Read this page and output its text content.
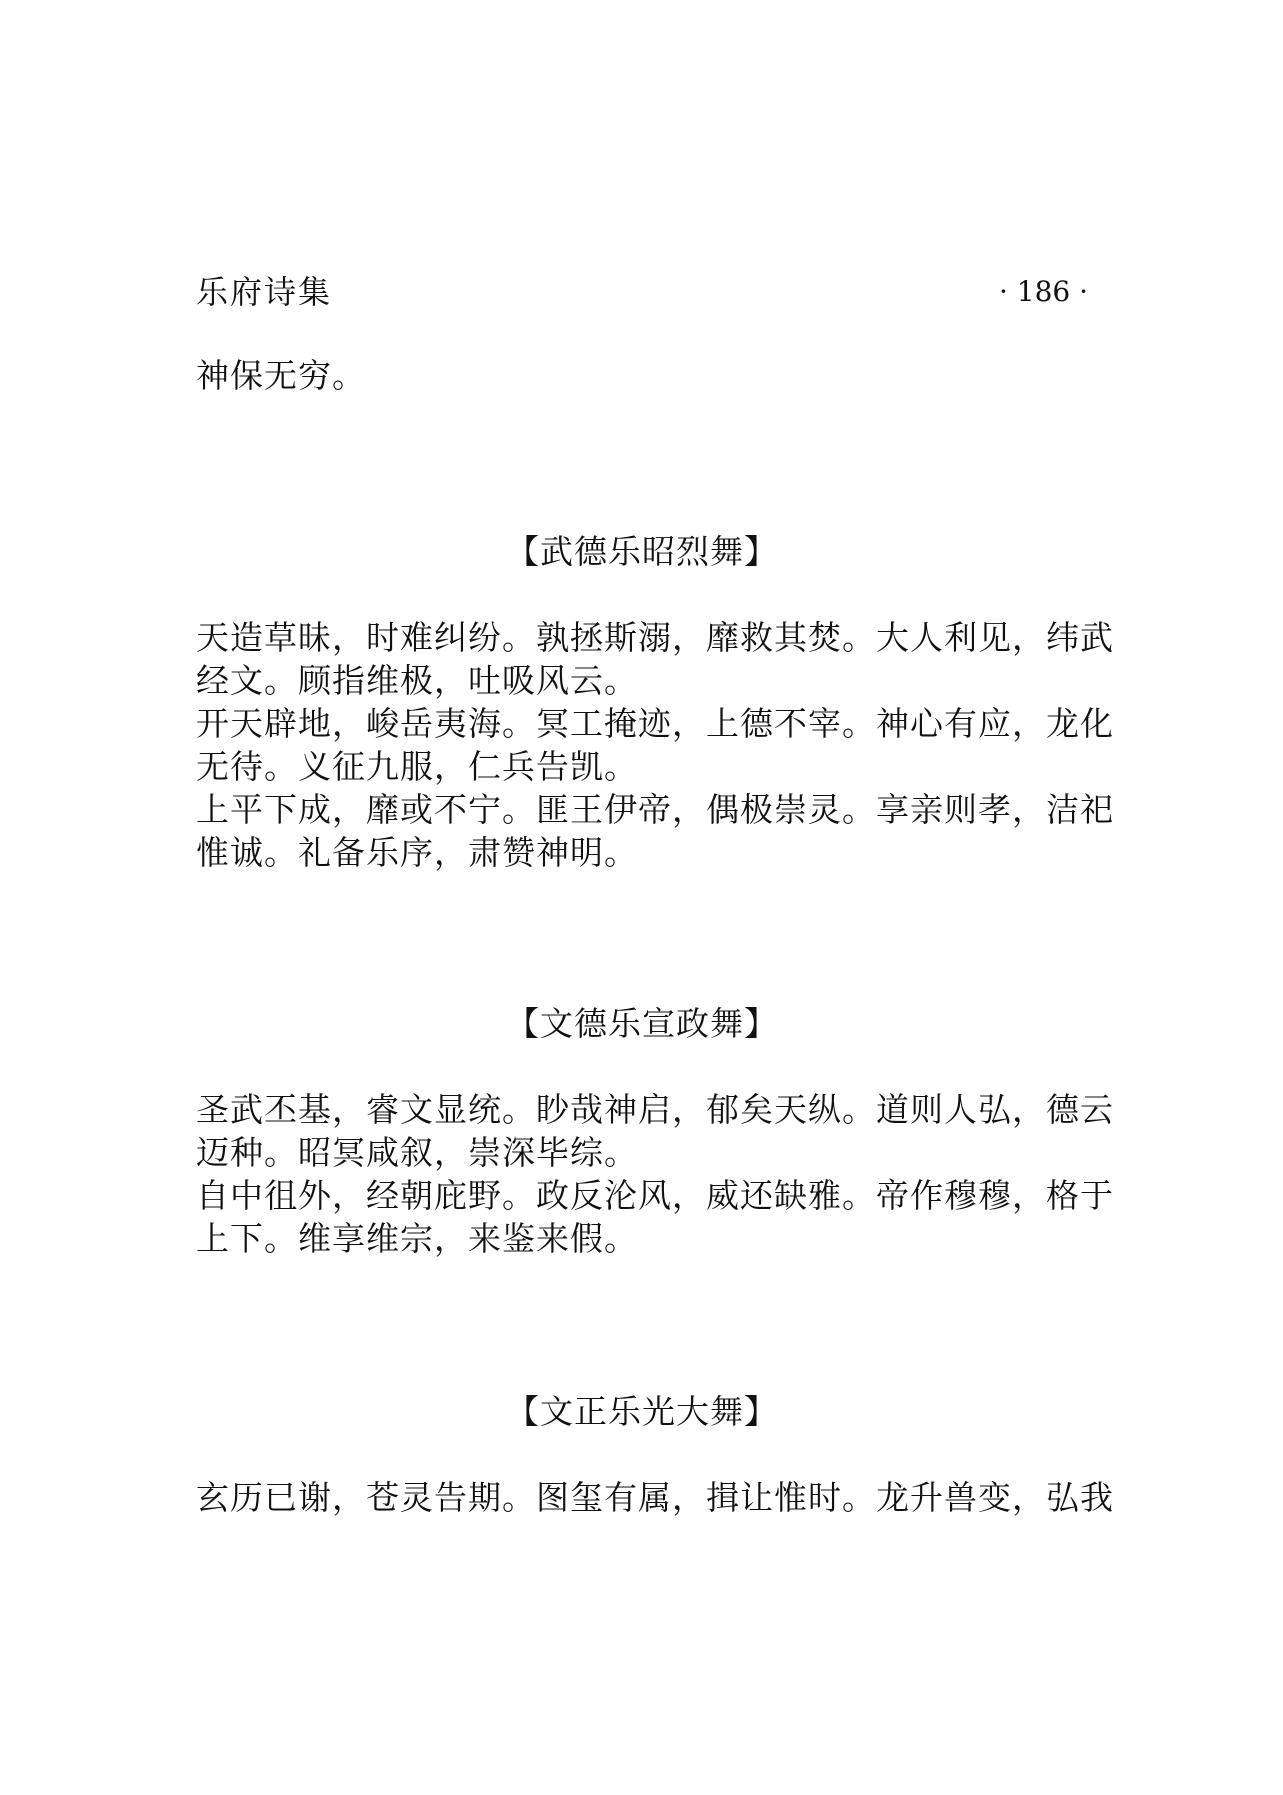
乐府诗集	· 186 ·
神保无穷。
【武德乐昭烈舞】
天造草昧，时难纠纷。孰拯斯溺，靡救其焚。大人利见，纬武
经文。顾指维极，吐吸风云。
开天辟地，峻岳夷海。冥工掩迹，上德不宰。神心有应，龙化
无待。义征九服，仁兵告凯。
上平下成，靡或不宁。匪王伊帝，偶极崇灵。享亲则孝，洁祀
惟诚。礼备乐序，肃赞神明。
【文德乐宣政舞】
圣武丕基，睿文显统。眇哉神启，郁矣天纵。道则人弘，德云
迈种。昭冥咸叙，崇深毕综。
自中徂外，经朝庇野。政反沦风，威还缺雅。帝作穆穆，格于
上下。维享维宗，来鉴来假。
【文正乐光大舞】
玄历已谢，苍灵告期。图玺有属，揖让惟时。龙升兽变，弘我
